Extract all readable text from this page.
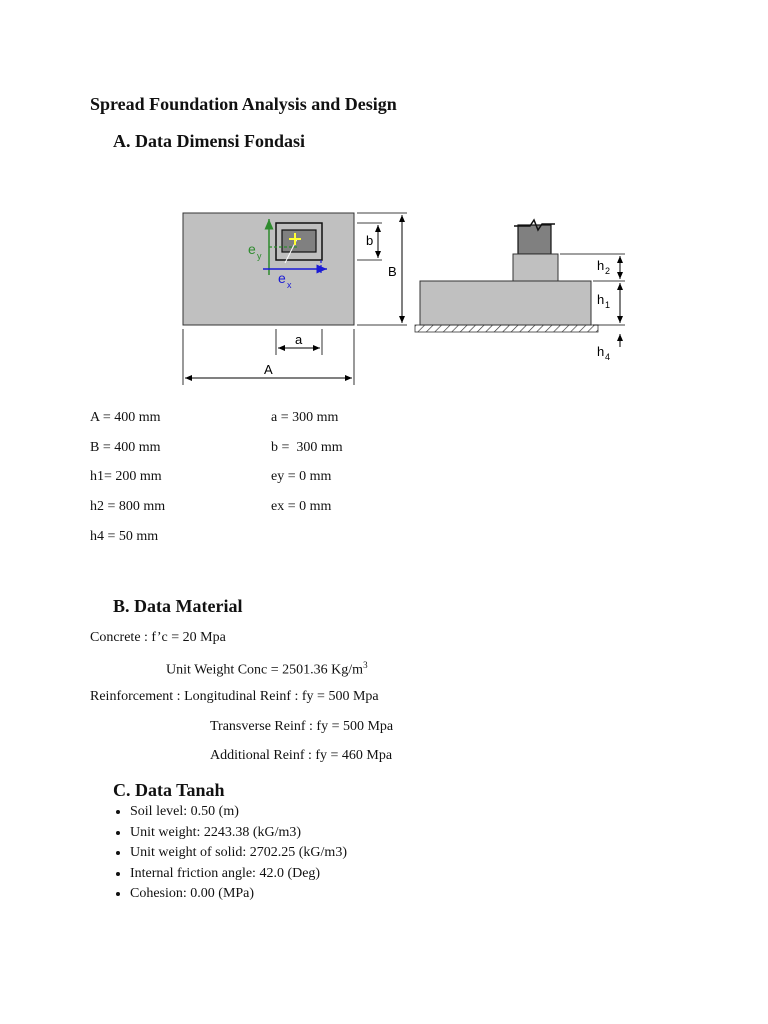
Spread Foundation Analysis and Design
A. Data Dimensi Fondasi
e y
e x
b
B
a
A
h 2
h 1
h 4
A = 400 mm
B = 400 mm
h1= 200 mm
h2 = 800 mm
h4 = 50 mm
a = 300 mm
b =  300 mm
ey = 0 mm
ex = 0 mm
B. Data Material
Concrete : f’c = 20 Mpa
Unit Weight Conc = 2501.36 $Kg/m^3$
Reinforcement : Longitudinal Reinf : fy = 500 Mpa
Transverse Reinf : fy = 500 Mpa
Additional Reinf : fy = 460 Mpa
C. Data Tanah
• Soil level: 0.50 (m)
• Unit weight: 2243.38 (kG/m3)
• Unit weight of solid: 2702.25 (kG/m3)
• Internal friction angle: 42.0 (Deg)
• Cohesion: 0.00 (MPa)
